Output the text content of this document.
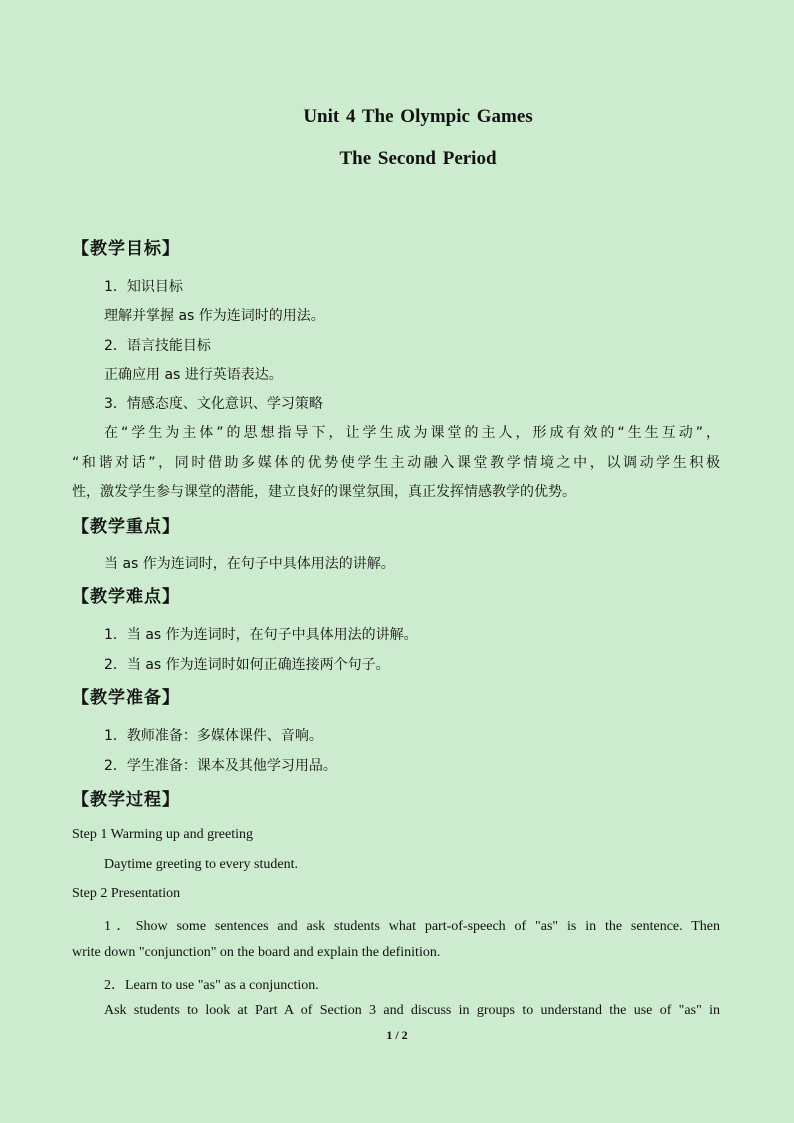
Unit 4 The Olympic Games
The Second Period
【教学目标】
1．知识目标
理解并掌握 as 作为连词时的用法。
2．语言技能目标
正确应用 as 进行英语表达。
3．情感态度、文化意识、学习策略
在“学生为主体”的思想指导下，让学生成为课堂的主人，形成有效的“生生互动”，
“和谐对话”，同时借助多媒体的优势使学生主动融入课堂教学情境之中，以调动学生积极
性，激发学生参与课堂的潜能，建立良好的课堂氛围，真正发挥情感教学的优势。
【教学重点】
当 as 作为连词时，在句子中具体用法的讲解。
【教学难点】
1．当 as 作为连词时，在句子中具体用法的讲解。
2．当 as 作为连词时如何正确连接两个句子。
【教学准备】
1．教师准备：多媒体课件、音响。
2．学生准备：课本及其他学习用品。
【教学过程】
Step 1 Warming up and greeting
Daytime greeting to every student.
Step 2 Presentation
1．Show some sentences and ask students what part-of-speech of "as" is in the sentence. Then
write down "conjunction" on the board and explain the definition.
2．Learn to use "as" as a conjunction.
Ask students to look at Part A of Section 3 and discuss in groups to understand the use of "as" in
1 / 2
